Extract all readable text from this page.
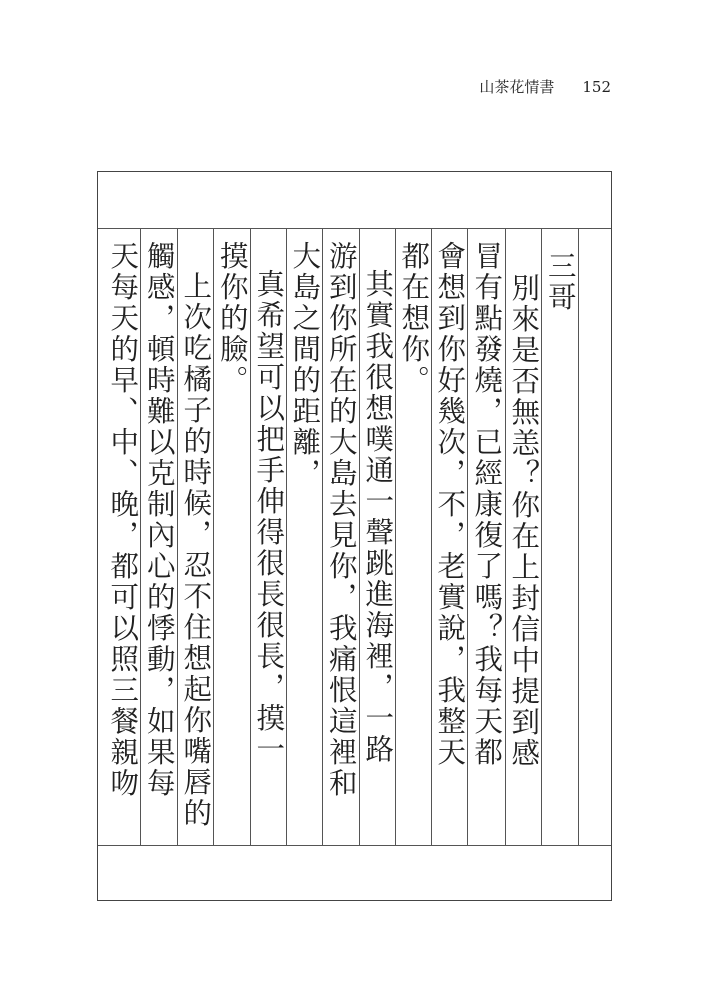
山茶花情書 152
三哥
別來是否無恙？你在上封信中提到感
冒有點發燒，已經康復了嗎？我每天都
會想到你好幾次，不，老實說，我整天
都在想你。
其實我很想噗通一聲跳進海裡，一路
游到你所在的大島去見你，我痛恨這裡和
大島之間的距離，
真希望可以把手伸得很長很長，摸一
摸你的臉。
上次吃橘子的時候，忍不住想起你嘴唇的
觸感，頓時難以克制內心的悸動，如果每
天每天的早、中、晚，都可以照三餐親吻
